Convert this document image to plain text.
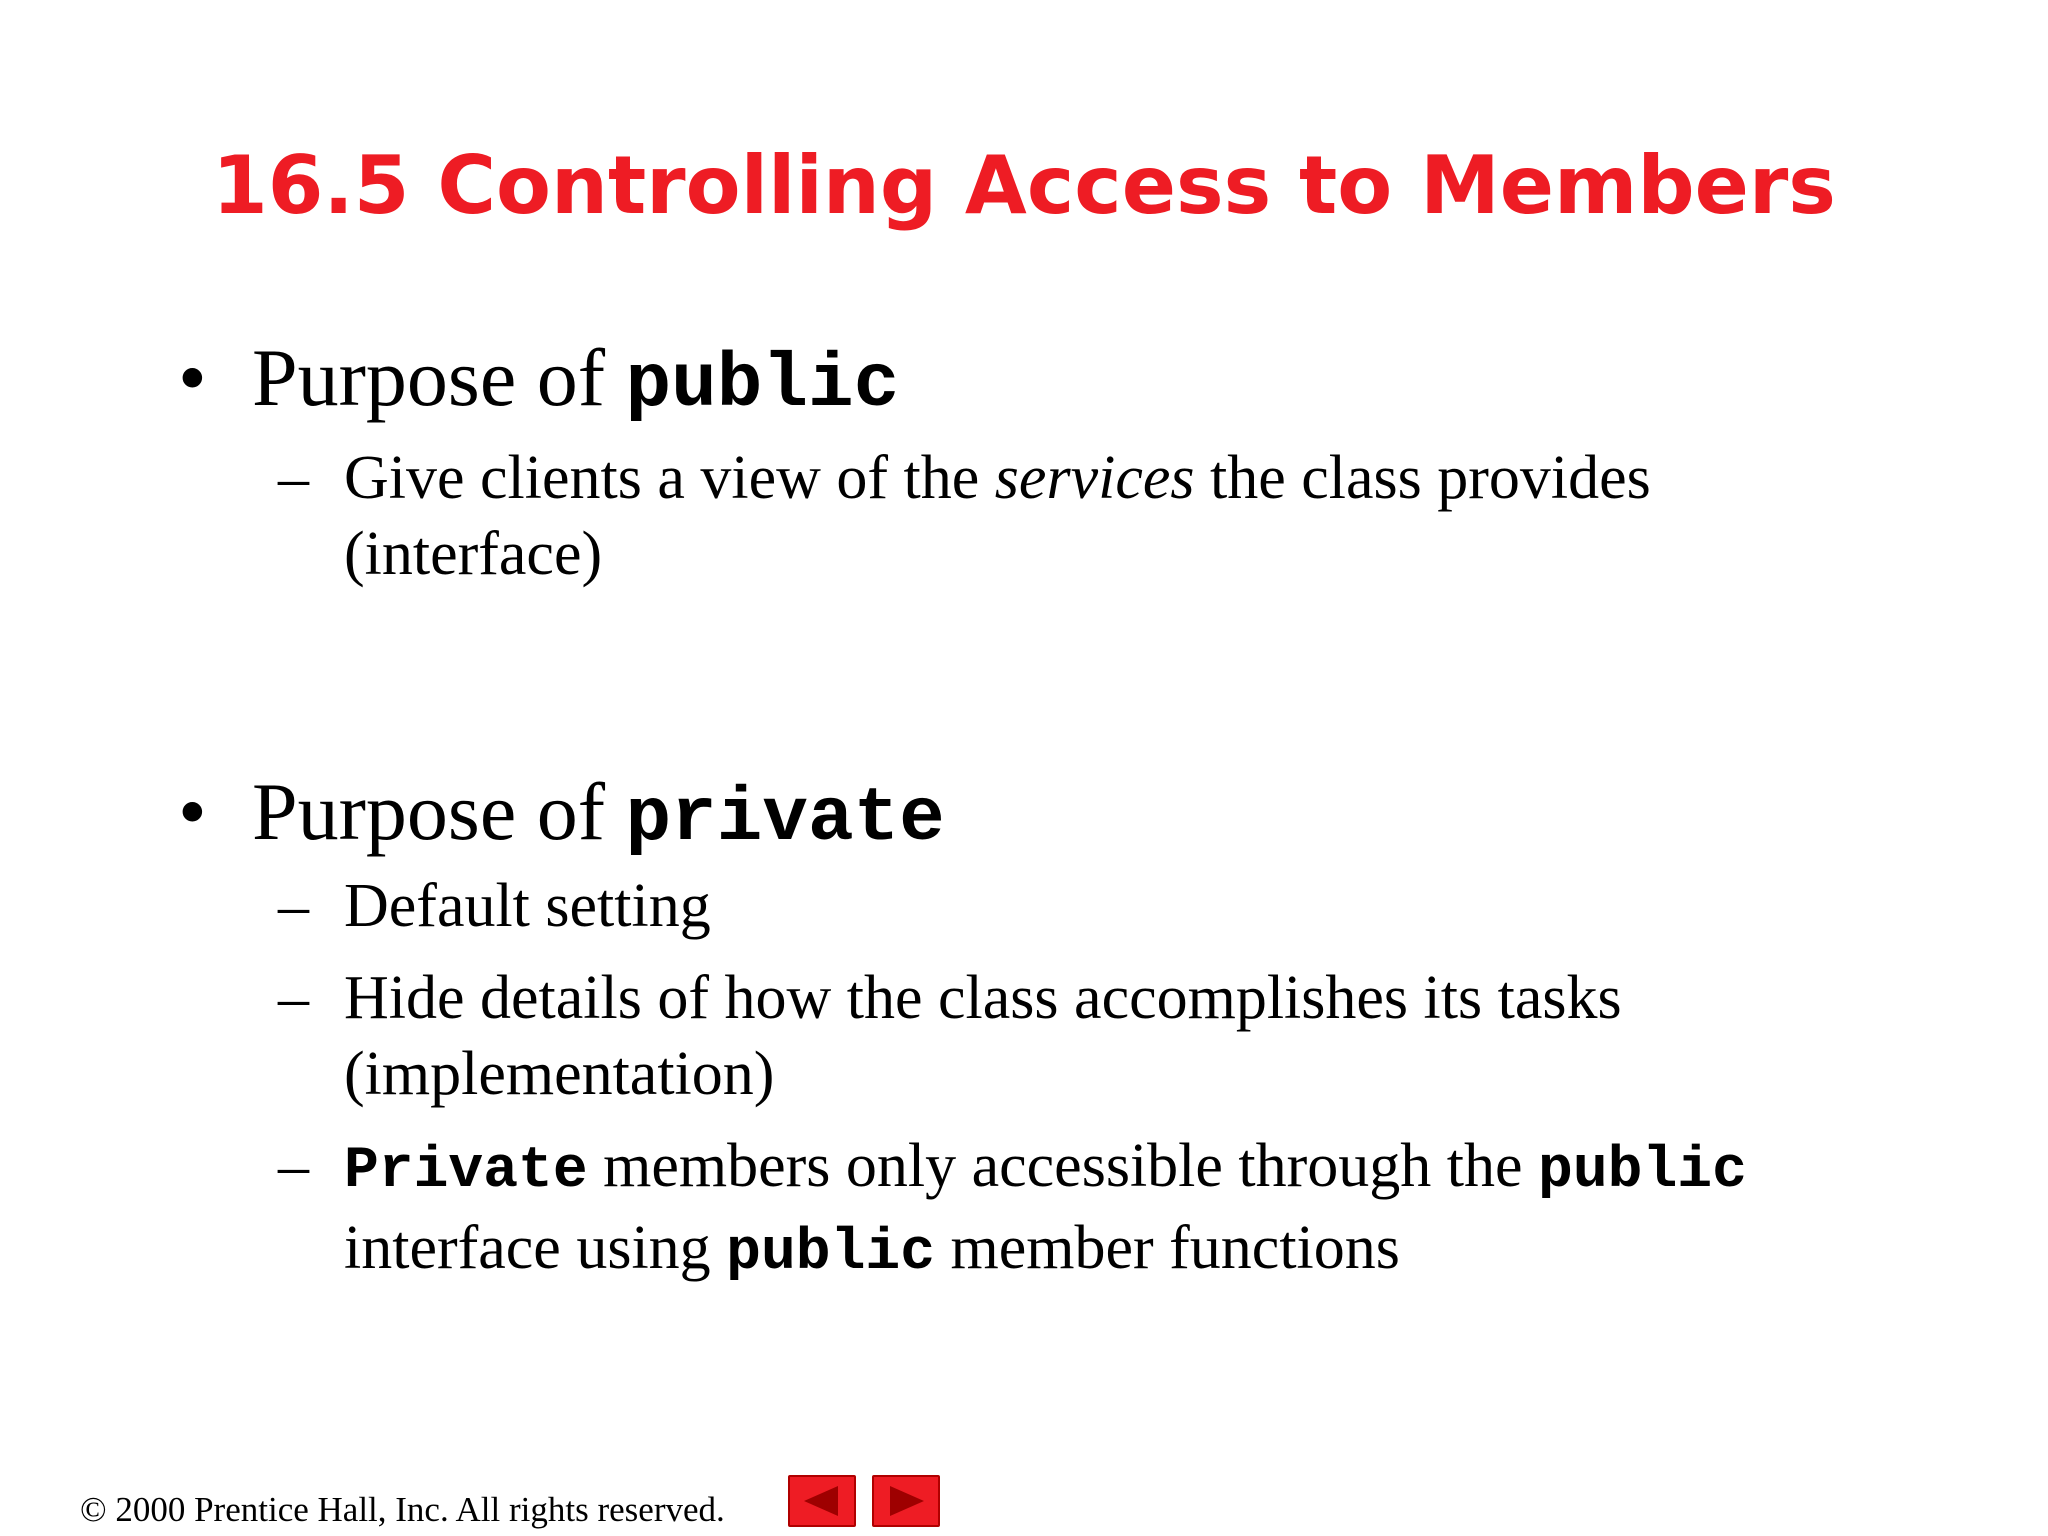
16.5 Controlling Access to Members
• Purpose of public
– Give clients a view of the services the class provides (interface)
• Purpose of private
– Default setting
– Hide details of how the class accomplishes its tasks (implementation)
– Private members only accessible through the public interface using public member functions
© 2000 Prentice Hall, Inc. All rights reserved.
